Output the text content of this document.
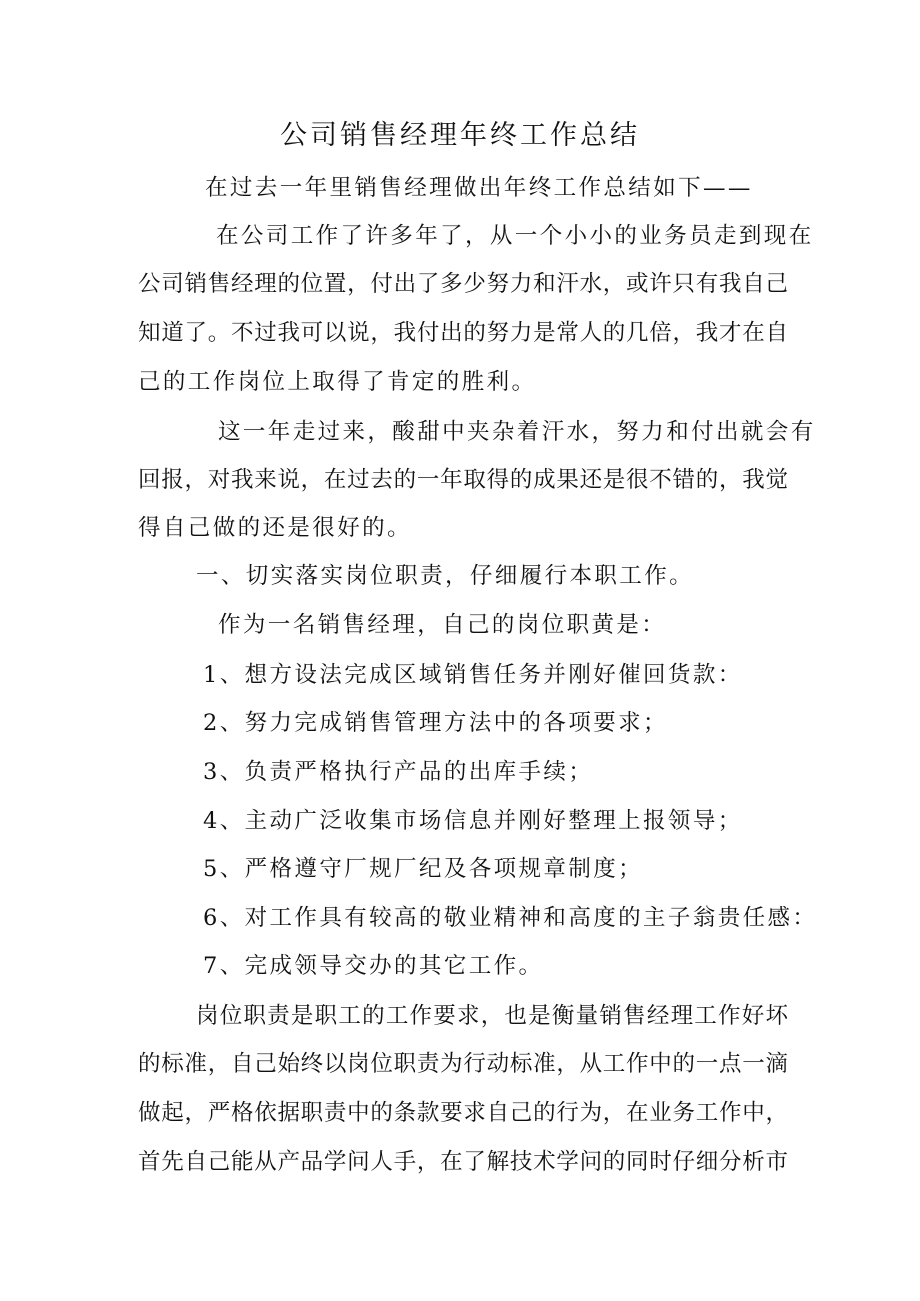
公司销售经理年终工作总结

在过去一年里销售经理做出年终工作总结如下——

在公司工作了许多年了，从一个小小的业务员走到现在

公司销售经理的位置，付出了多少努力和汗水，或许只有我自己

知道了。不过我可以说，我付出的努力是常人的几倍，我才在自

己的工作岗位上取得了肯定的胜利。

这一年走过来，酸甜中夹杂着汗水，努力和付出就会有

回报，对我来说，在过去的一年取得的成果还是很不错的，我觉

得自己做的还是很好的。

一、切实落实岗位职责，仔细履行本职工作。

作为一名销售经理，自己的岗位职黄是：

1、想方设法完成区域销售任务并刚好催回货款：

2、努力完成销售管理方法中的各项要求；

3、负责严格执行产品的出库手续；

4、主动广泛收集市场信息并刚好整理上报领导；

5、严格遵守厂规厂纪及各项规章制度；

6、对工作具有较高的敬业精神和高度的主子翁贵任感：

7、完成领导交办的其它工作。

岗位职责是职工的工作要求，也是衡量销售经理工作好坏

的标准，自己始终以岗位职责为行动标准，从工作中的一点一滴

做起，严格依据职责中的条款要求自己的行为，在业务工作中，

首先自己能从产品学问人手，在了解技术学问的同时仔细分析市
